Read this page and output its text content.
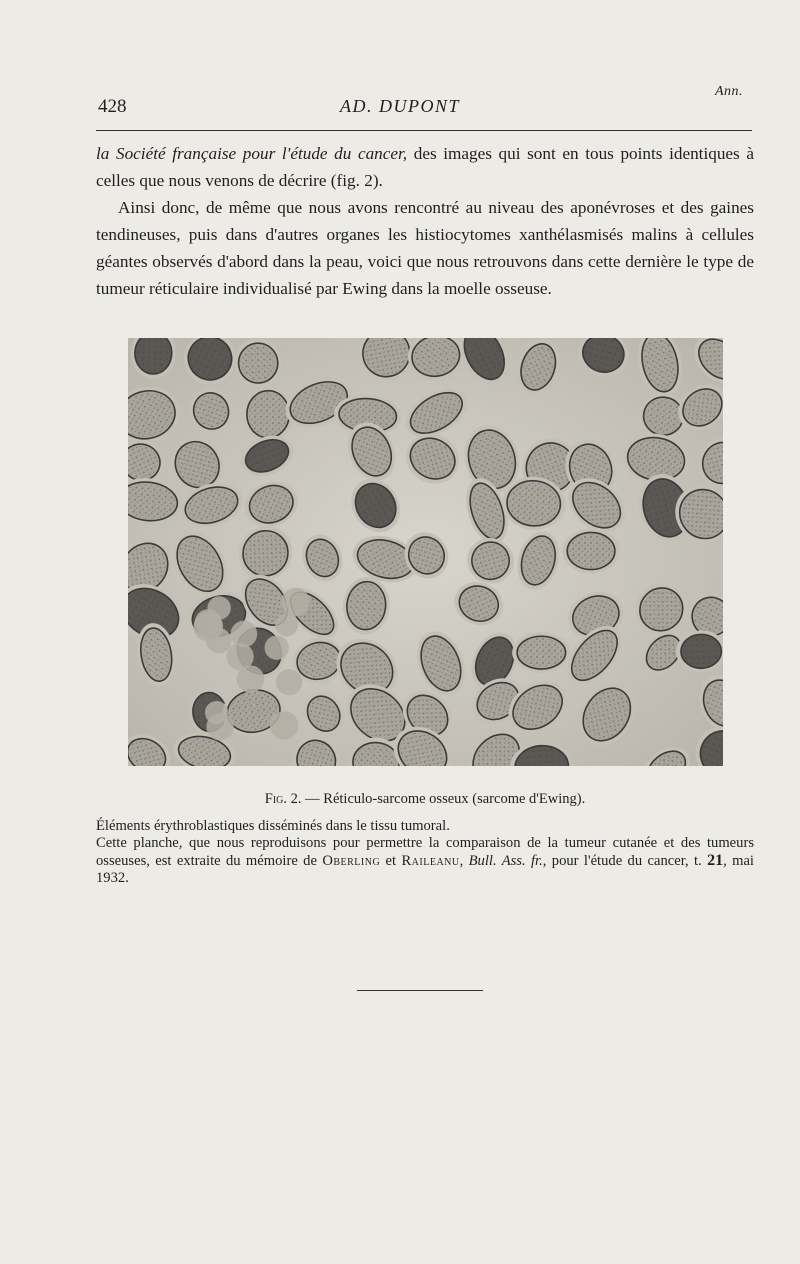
Ann.
428	AD. DUPONT

la Société française pour l'étude du cancer, des images qui sont en tous points identiques à celles que nous venons de décrire (fig. 2).

Ainsi donc, de même que nous avons rencontré au niveau des aponévroses et des gaines tendineuses, puis dans d'autres organes les histiocytomes xanthélasmisés malins à cellules géantes observés d'abord dans la peau, voici que nous retrouvons dans cette dernière le type de tumeur réticulaire individualisé par Ewing dans la moelle osseuse.

Fig. 2. — Réticulo-sarcome osseux (sarcome d'Ewing).

Éléments érythroblastiques disséminés dans le tissu tumoral.

Cette planche, que nous reproduisons pour permettre la comparaison de la tumeur cutanée et des tumeurs osseuses, est extraite du mémoire de Oberling et Raileanu, Bull. Ass. fr., pour l'étude du cancer, t. 21, mai 1932.
